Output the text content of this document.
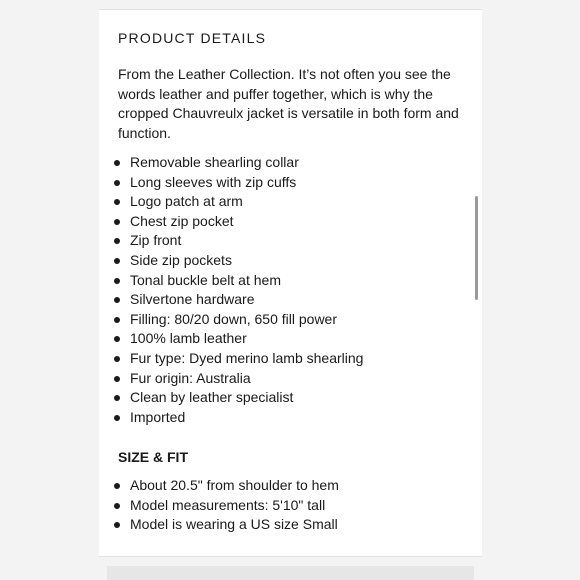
PRODUCT DETAILS

From the Leather Collection. It’s not often you see the words leather and puffer together, which is why the cropped Chauvreulx jacket is versatile in both form and function.

Removable shearling collar
Long sleeves with zip cuffs
Logo patch at arm
Chest zip pocket
Zip front
Side zip pockets
Tonal buckle belt at hem
Silvertone hardware
Filling: 80/20 down, 650 fill power
100% lamb leather
Fur type: Dyed merino lamb shearling
Fur origin: Australia
Clean by leather specialist
Imported
SIZE & FIT
About 20.5" from shoulder to hem
Model measurements: 5'10" tall
Model is wearing a US size Small
